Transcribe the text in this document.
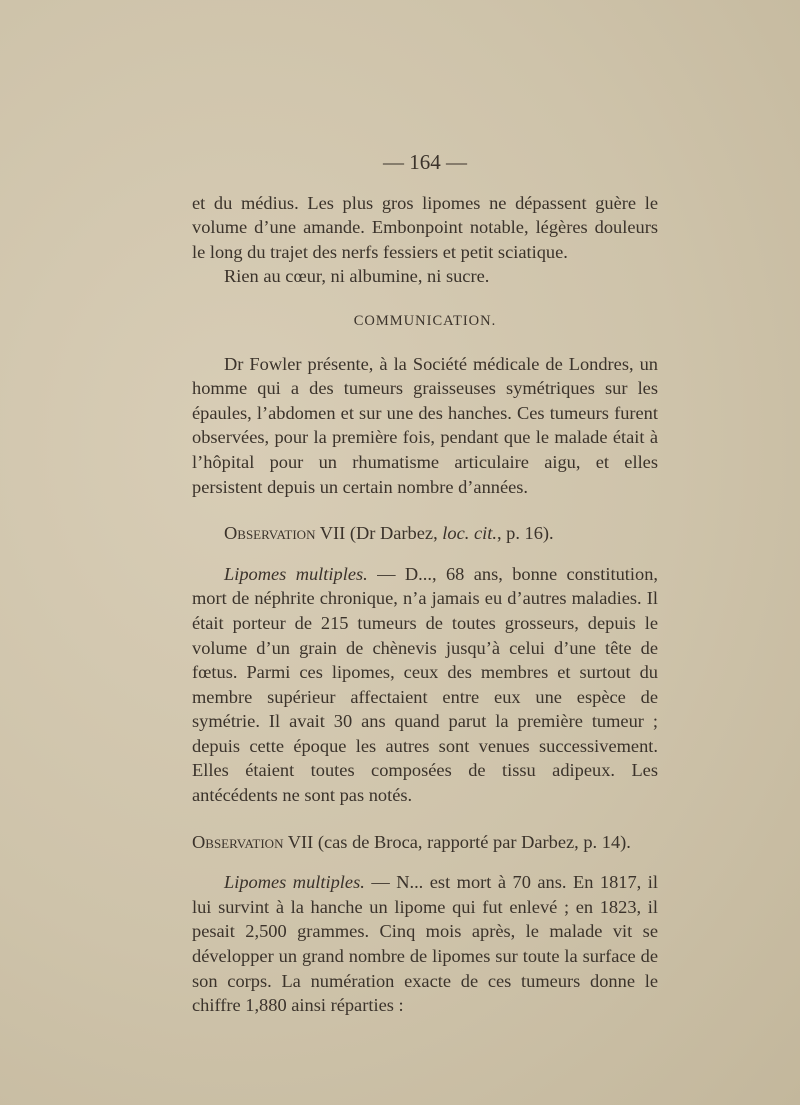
— 164 —

et du médius. Les plus gros lipomes ne dépassent guère le volume d’une amande. Embonpoint notable, légères douleurs le long du trajet des nerfs fessiers et petit sciatique.

Rien au cœur, ni albumine, ni sucre.

COMMUNICATION.

Dr Fowler présente, à la Société médicale de Londres, un homme qui a des tumeurs graisseuses symétriques sur les épaules, l’abdomen et sur une des hanches. Ces tumeurs furent observées, pour la première fois, pendant que le malade était à l’hôpital pour un rhumatisme articulaire aigu, et elles persistent depuis un certain nombre d’années.

Observation VII (Dr Darbez, loc. cit., p. 16).

Lipomes multiples. — D..., 68 ans, bonne constitution, mort de néphrite chronique, n’a jamais eu d’autres maladies. Il était porteur de 215 tumeurs de toutes grosseurs, depuis le volume d’un grain de chènevis jusqu’à celui d’une tête de fœtus. Parmi ces lipomes, ceux des membres et surtout du membre supérieur affectaient entre eux une espèce de symétrie. Il avait 30 ans quand parut la première tumeur ; depuis cette époque les autres sont venues successivement. Elles étaient toutes composées de tissu adipeux. Les antécédents ne sont pas notés.

Observation VII (cas de Broca, rapporté par Darbez, p. 14).

Lipomes multiples. — N... est mort à 70 ans. En 1817, il lui survint à la hanche un lipome qui fut enlevé ; en 1823, il pesait 2,500 grammes. Cinq mois après, le malade vit se développer un grand nombre de lipomes sur toute la surface de son corps. La numération exacte de ces tumeurs donne le chiffre 1,880 ainsi réparties :
